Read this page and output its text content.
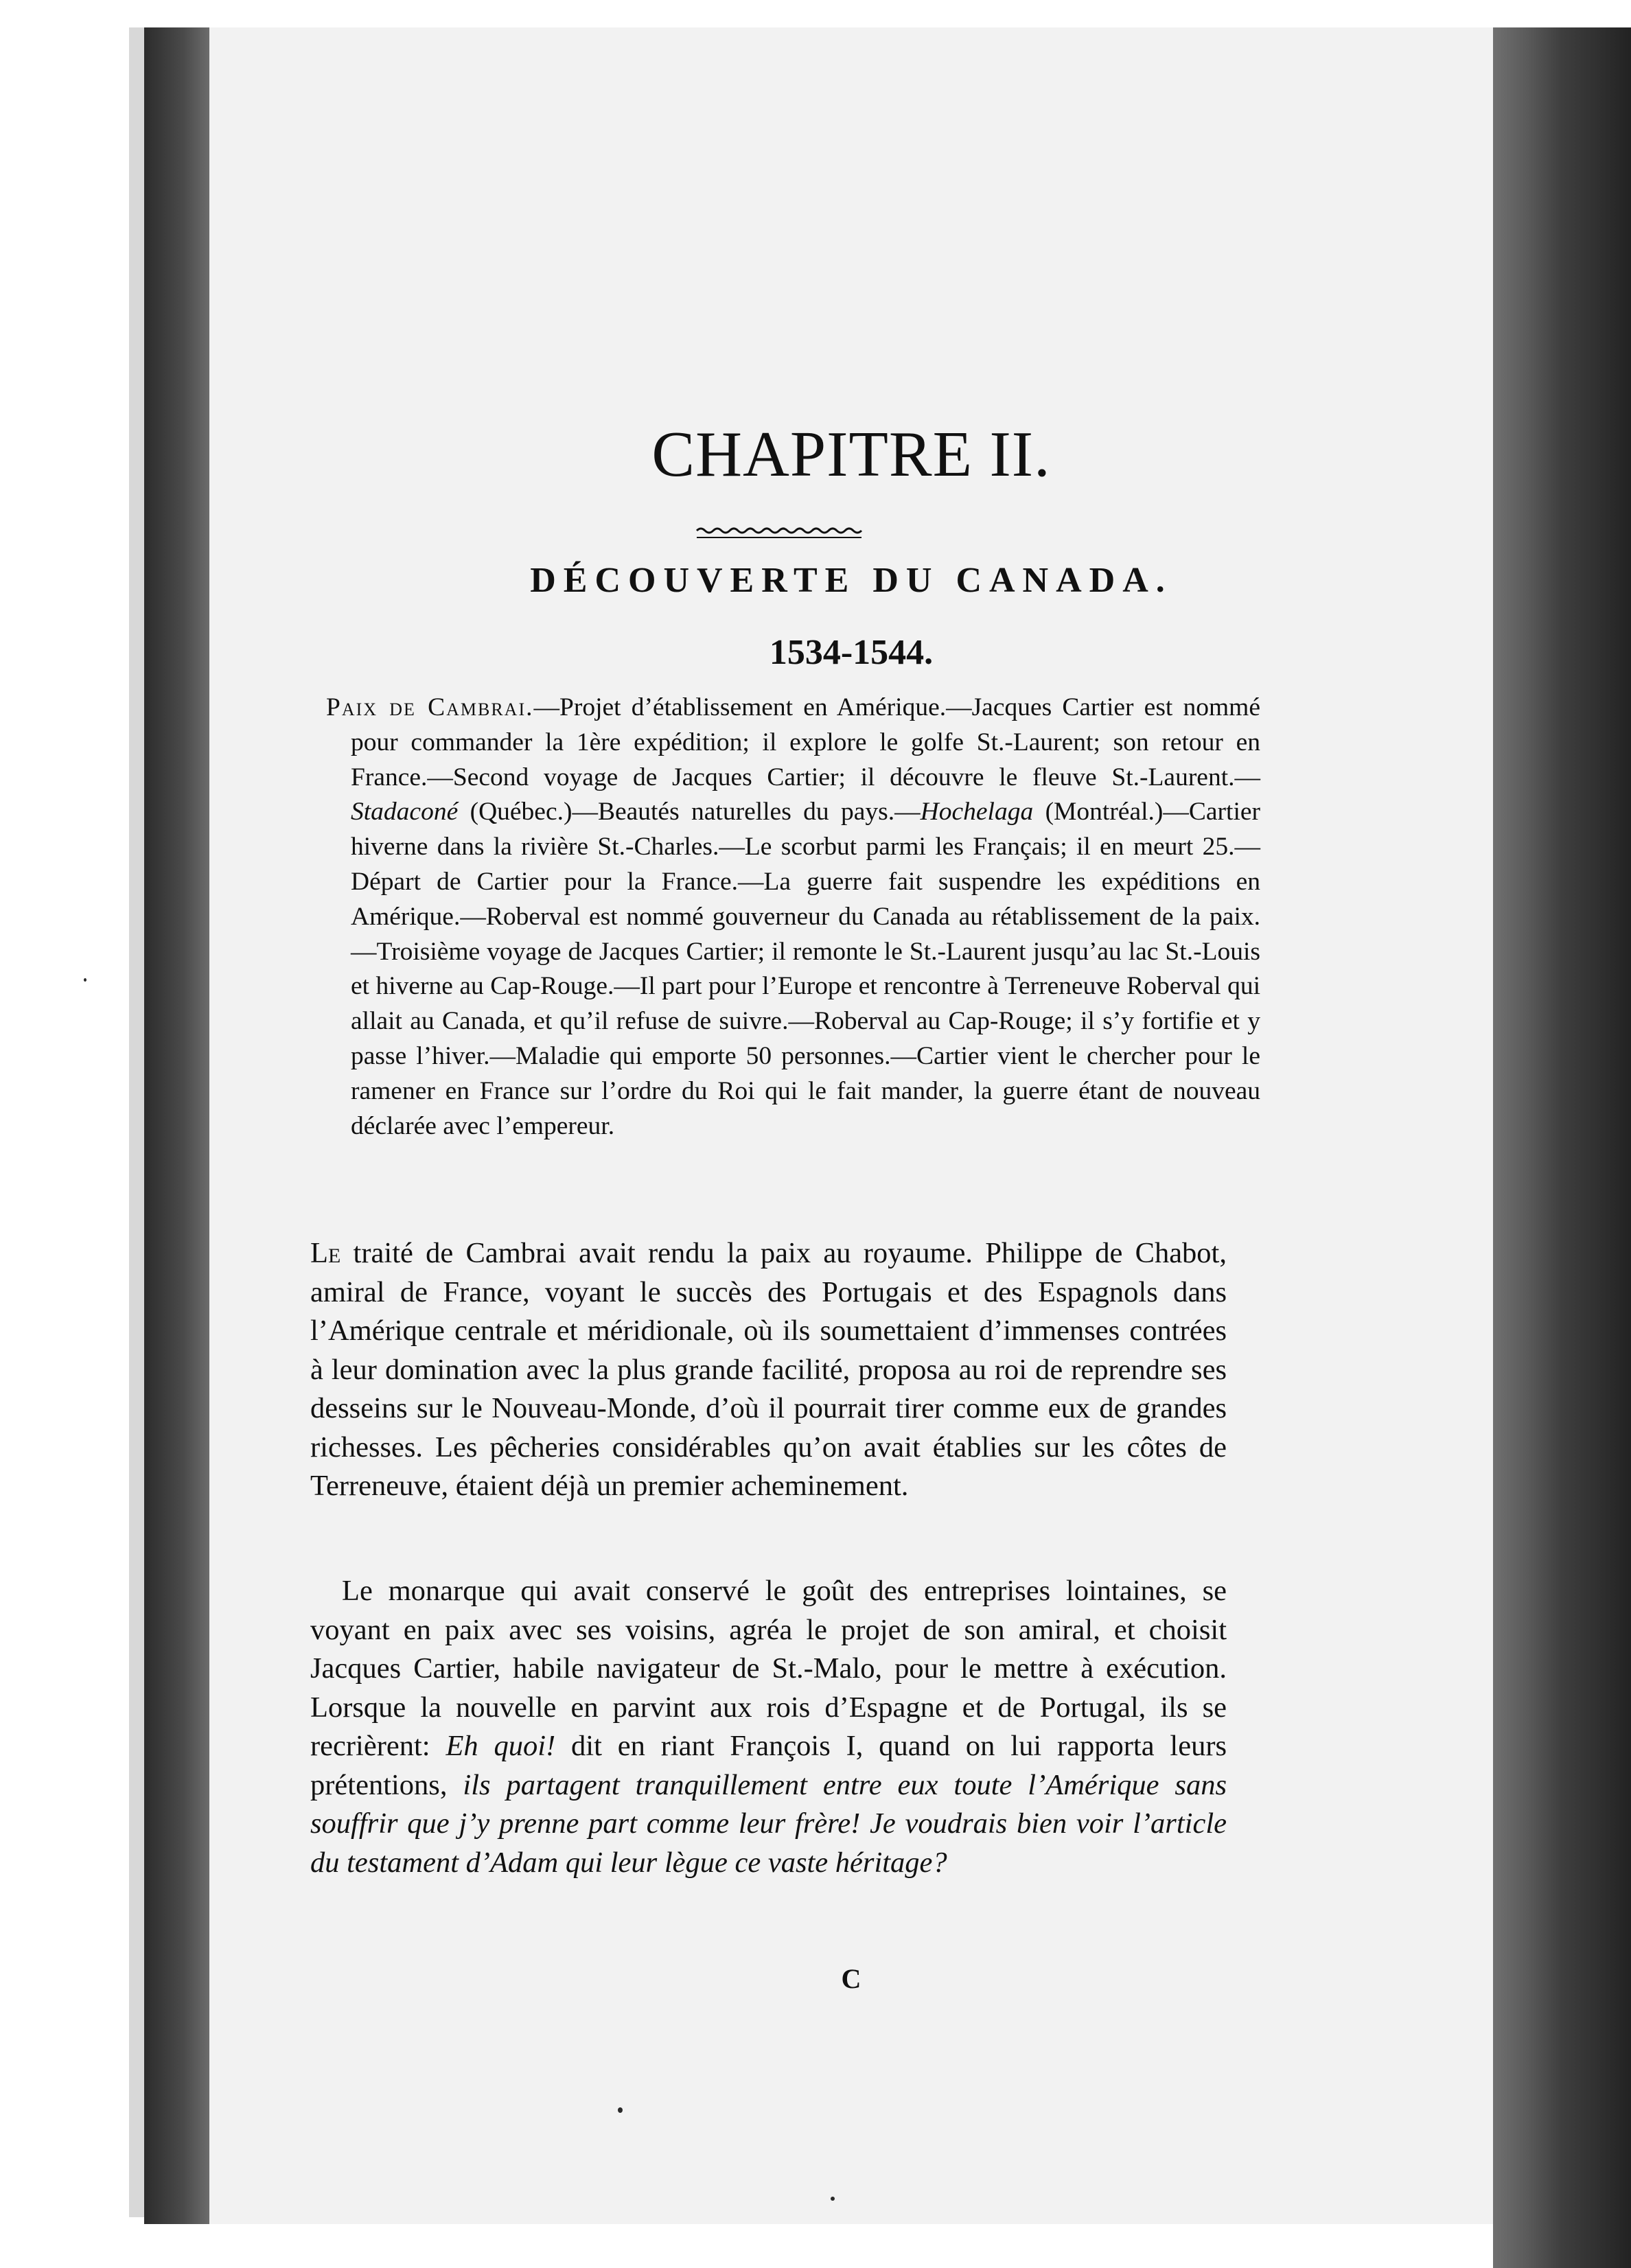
CHAPITRE II.
DÉCOUVERTE DU CANADA.
1534-1544.

Paix de Cambrai.—Projet d’établissement en Amérique.—Jacques Cartier est nommé pour commander la 1ère expédition; il explore le golfe St.-Laurent; son retour en France.—Second voyage de Jacques Cartier; il découvre le fleuve St.-Laurent.—Stadaconé (Québec.)—Beautés naturelles du pays.—Hochelaga (Montréal.)—Cartier hiverne dans la rivière St.-Charles.—Le scorbut parmi les Français; il en meurt 25.—Départ de Cartier pour la France.—La guerre fait suspendre les expéditions en Amérique.—Roberval est nommé gouverneur du Canada au rétablissement de la paix.—Troisième voyage de Jacques Cartier; il remonte le St.-Laurent jusqu’au lac St.-Louis et hiverne au Cap-Rouge.—Il part pour l’Europe et rencontre à Terreneuve Roberval qui allait au Canada, et qu’il refuse de suivre.—Roberval au Cap-Rouge; il s’y fortifie et y passe l’hiver.—Maladie qui emporte 50 personnes.—Cartier vient le chercher pour le ramener en France sur l’ordre du Roi qui le fait mander, la guerre étant de nouveau déclarée avec l’empereur.

Le traité de Cambrai avait rendu la paix au royaume. Philippe de Chabot, amiral de France, voyant le succès des Portugais et des Espagnols dans l’Amérique centrale et méridionale, où ils soumettaient d’immenses contrées à leur domination avec la plus grande facilité, proposa au roi de reprendre ses desseins sur le Nouveau-Monde, d’où il pourrait tirer comme eux de grandes richesses. Les pêcheries considérables qu’on avait établies sur les côtes de Terreneuve, étaient déjà un premier acheminement.

Le monarque qui avait conservé le goût des entreprises lointaines, se voyant en paix avec ses voisins, agréa le projet de son amiral, et choisit Jacques Cartier, habile navigateur de St.-Malo, pour le mettre à exécution. Lorsque la nouvelle en parvint aux rois d’Espagne et de Portugal, ils se recrièrent: Eh quoi! dit en riant François I, quand on lui rapporta leurs prétentions, ils partagent tranquillement entre eux toute l’Amérique sans souffrir que j’y prenne part comme leur frère! Je voudrais bien voir l’article du testament d’Adam qui leur lègue ce vaste héritage?

C
